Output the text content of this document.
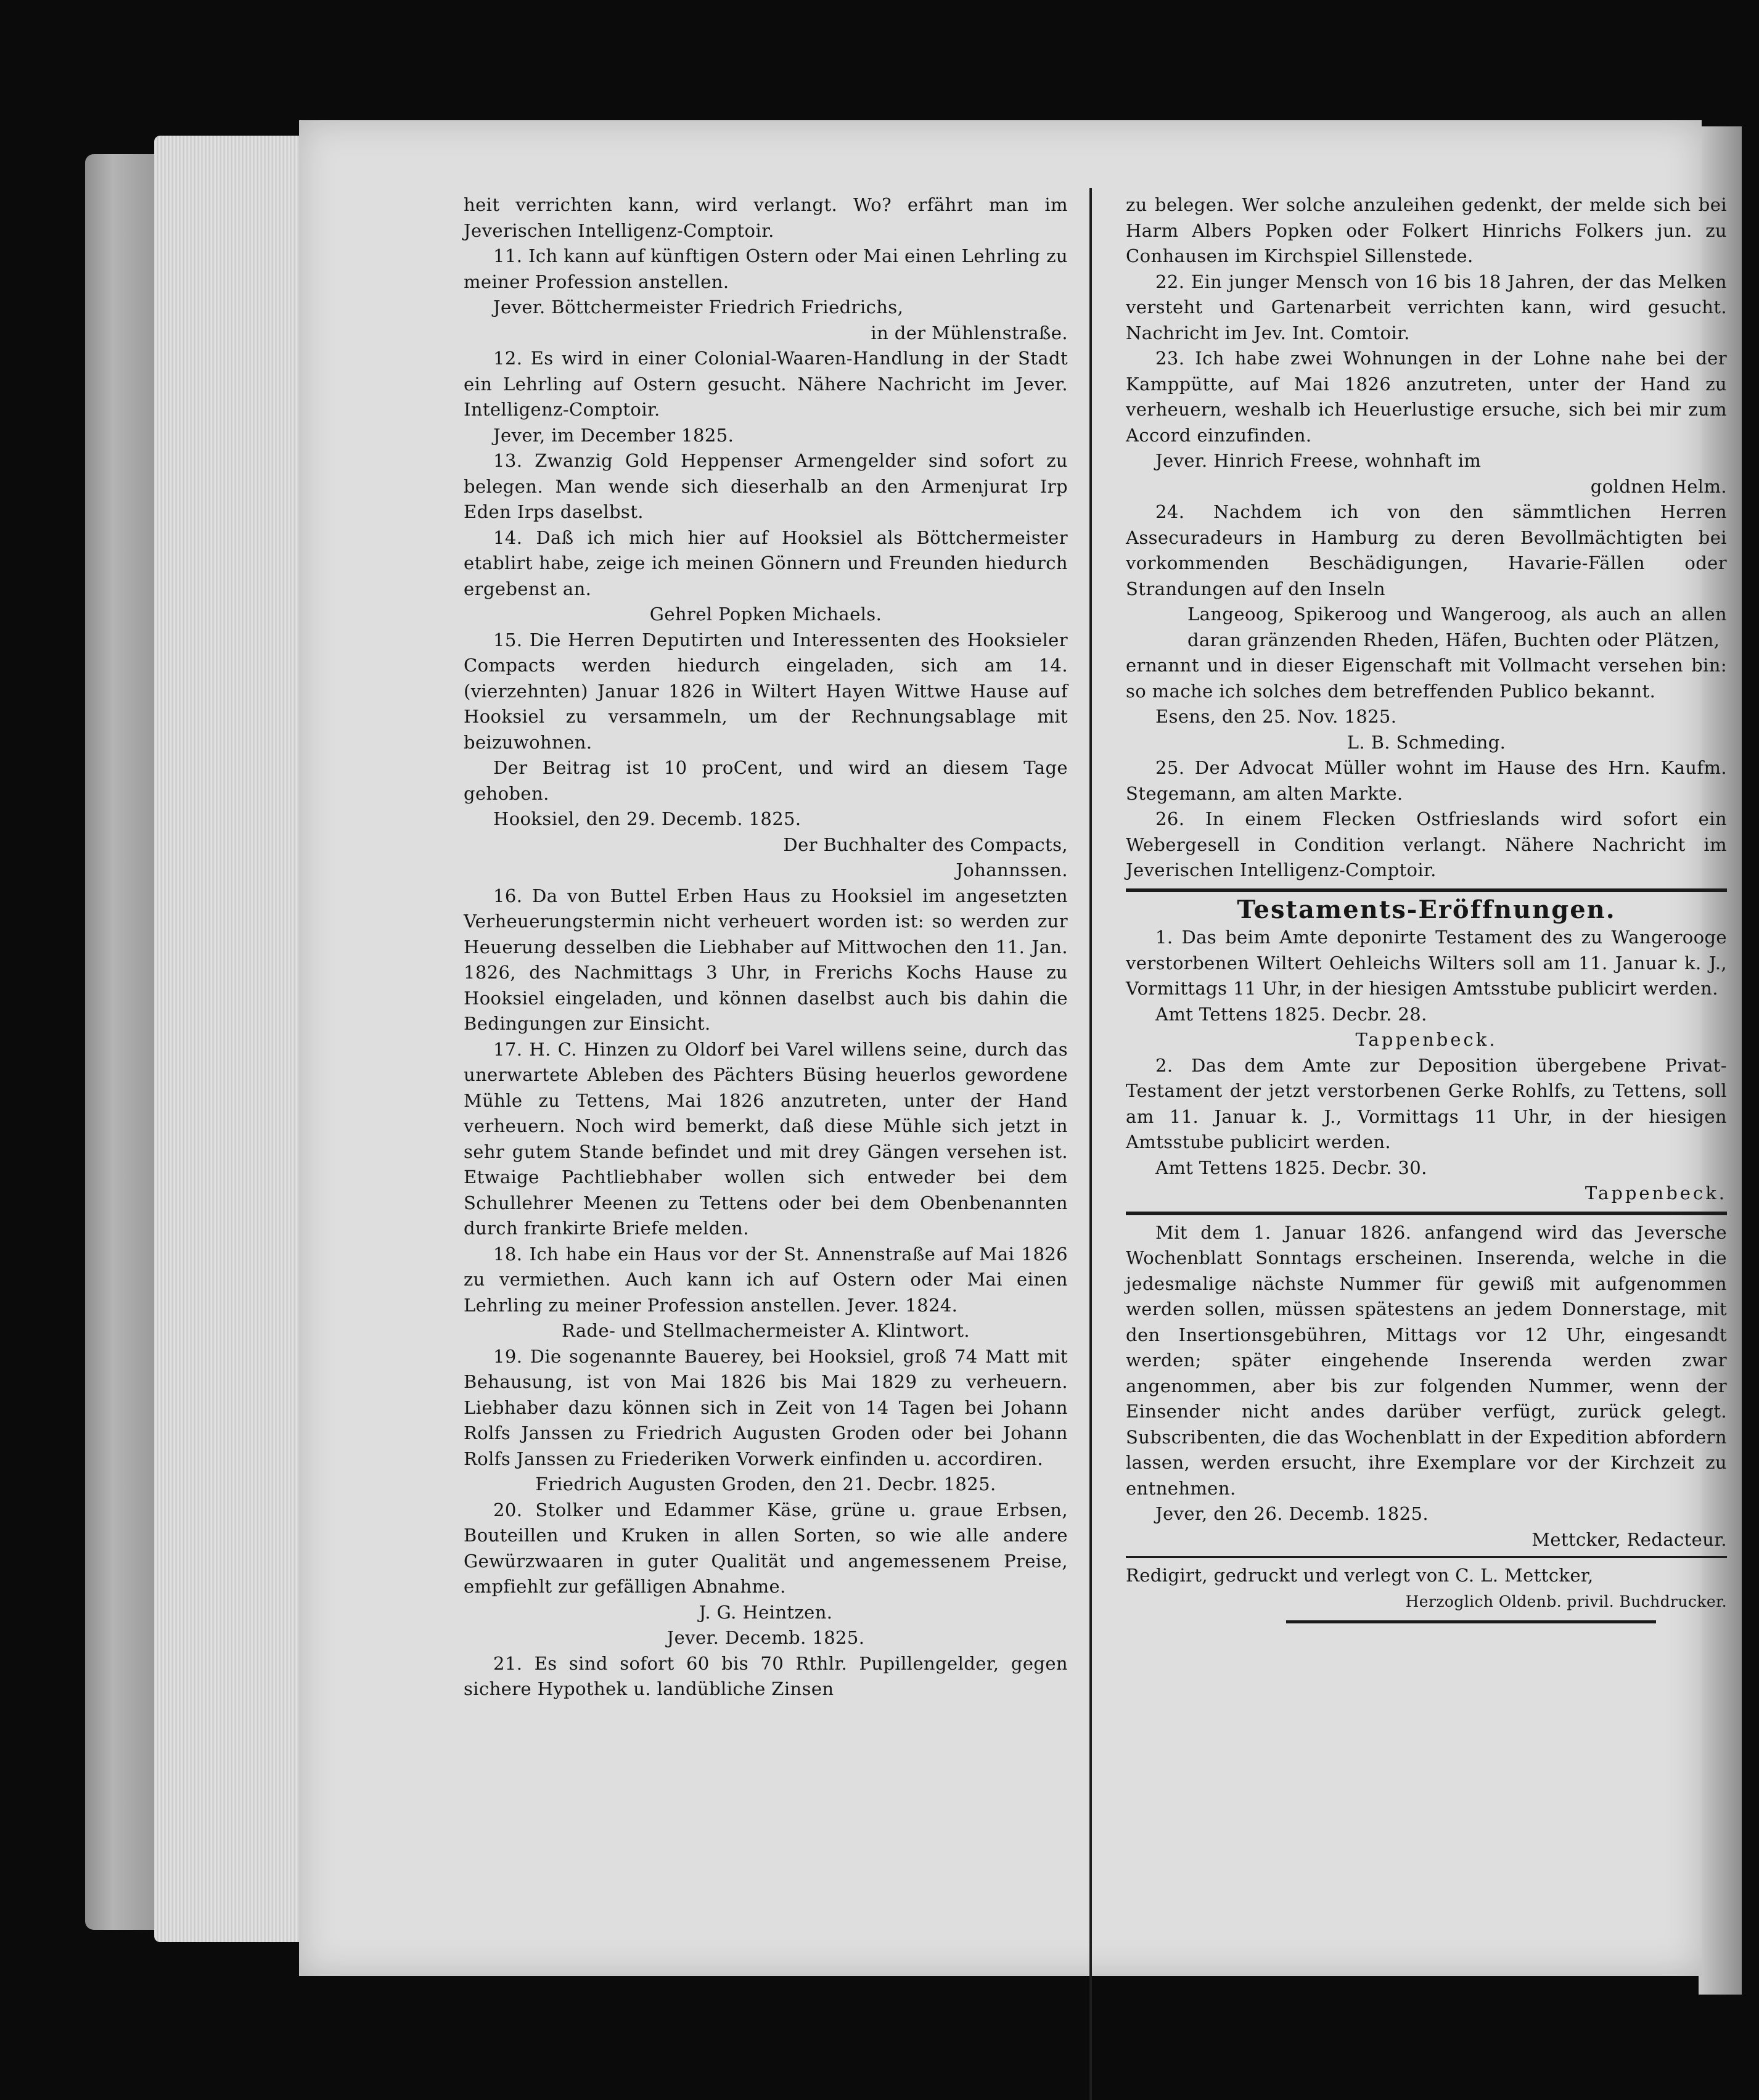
heit verrichten kann, wird verlangt. Wo? erfährt man im Jeverischen Intelligenz-Comptoir.

11. Ich kann auf künftigen Ostern oder Mai einen Lehrling zu meiner Profession anstellen.

Jever. Böttchermeister Friedrich Friedrichs,

in der Mühlenstraße.

12. Es wird in einer Colonial-Waaren-Handlung in der Stadt ein Lehrling auf Ostern gesucht. Nähere Nachricht im Jever. Intelligenz-Comptoir.

Jever, im December 1825.

13. Zwanzig Gold Heppenser Armengelder sind sofort zu belegen. Man wende sich dieserhalb an den Armenjurat Irp Eden Irps daselbst.

14. Daß ich mich hier auf Hooksiel als Böttchermeister etablirt habe, zeige ich meinen Gönnern und Freunden hiedurch ergebenst an.

Gehrel Popken Michaels.

15. Die Herren Deputirten und Interessenten des Hooksieler Compacts werden hiedurch eingeladen, sich am 14. (vierzehnten) Januar 1826 in Wiltert Hayen Wittwe Hause auf Hooksiel zu versammeln, um der Rechnungsablage mit beizuwohnen.

Der Beitrag ist 10 proCent, und wird an diesem Tage gehoben.

Hooksiel, den 29. Decemb. 1825.

Der Buchhalter des Compacts,

Johannssen.

16. Da von Buttel Erben Haus zu Hooksiel im angesetzten Verheuerungstermin nicht verheuert worden ist: so werden zur Heuerung desselben die Liebhaber auf Mittwochen den 11. Jan. 1826, des Nachmittags 3 Uhr, in Frerichs Kochs Hause zu Hooksiel eingeladen, und können daselbst auch bis dahin die Bedingungen zur Einsicht.

17. H. C. Hinzen zu Oldorf bei Varel willens seine, durch das unerwartete Ableben des Pächters Büsing heuerlos gewordene Mühle zu Tettens, Mai 1826 anzutreten, unter der Hand verheuern. Noch wird bemerkt, daß diese Mühle sich jetzt in sehr gutem Stande befindet und mit drey Gängen versehen ist. Etwaige Pachtliebhaber wollen sich entweder bei dem Schullehrer Meenen zu Tettens oder bei dem Obenbenannten durch frankirte Briefe melden.

18. Ich habe ein Haus vor der St. Annenstraße auf Mai 1826 zu vermiethen. Auch kann ich auf Ostern oder Mai einen Lehrling zu meiner Profession anstellen. Jever. 1824.

Rade- und Stellmachermeister A. Klintwort.

19. Die sogenannte Bauerey, bei Hooksiel, groß 74 Matt mit Behausung, ist von Mai 1826 bis Mai 1829 zu verheuern. Liebhaber dazu können sich in Zeit von 14 Tagen bei Johann Rolfs Janssen zu Friedrich Augusten Groden oder bei Johann Rolfs Janssen zu Friederiken Vorwerk einfinden u. accordiren.

Friedrich Augusten Groden, den 21. Decbr. 1825.

20. Stolker und Edammer Käse, grüne u. graue Erbsen, Bouteillen und Kruken in allen Sorten, so wie alle andere Gewürzwaaren in guter Qualität und angemessenem Preise, empfiehlt zur gefälligen Abnahme.

J. G. Heintzen.

Jever. Decemb. 1825.

21. Es sind sofort 60 bis 70 Rthlr. Pupillengelder, gegen sichere Hypothek u. landübliche Zinsen

zu belegen. Wer solche anzuleihen gedenkt, der melde sich bei Harm Albers Popken oder Folkert Hinrichs Folkers jun. zu Conhausen im Kirchspiel Sillenstede.

22. Ein junger Mensch von 16 bis 18 Jahren, der das Melken versteht und Gartenarbeit verrichten kann, wird gesucht. Nachricht im Jev. Int. Comtoir.

23. Ich habe zwei Wohnungen in der Lohne nahe bei der Kamppütte, auf Mai 1826 anzutreten, unter der Hand zu verheuern, weshalb ich Heuerlustige ersuche, sich bei mir zum Accord einzufinden.

Jever. Hinrich Freese, wohnhaft im

goldnen Helm.

24. Nachdem ich von den sämmtlichen Herren Assecuradeurs in Hamburg zu deren Bevollmächtigten bei vorkommenden Beschädigungen, Havarie-Fällen oder Strandungen auf den Inseln

Langeoog, Spikeroog und Wangeroog, als auch an allen daran gränzenden Rheden, Häfen, Buchten oder Plätzen,

ernannt und in dieser Eigenschaft mit Vollmacht versehen bin: so mache ich solches dem betreffenden Publico bekannt.

Esens, den 25. Nov. 1825.

L. B. Schmeding.

25. Der Advocat Müller wohnt im Hause des Hrn. Kaufm. Stegemann, am alten Markte.

26. In einem Flecken Ostfrieslands wird sofort ein Webergesell in Condition verlangt. Nähere Nachricht im Jeverischen Intelligenz-Comptoir.

Testaments-Eröffnungen.

1. Das beim Amte deponirte Testament des zu Wangerooge verstorbenen Wiltert Oehleichs Wilters soll am 11. Januar k. J., Vormittags 11 Uhr, in der hiesigen Amtsstube publicirt werden.

Amt Tettens 1825. Decbr. 28.

Tappenbeck.

2. Das dem Amte zur Deposition übergebene Privat-Testament der jetzt verstorbenen Gerke Rohlfs, zu Tettens, soll am 11. Januar k. J., Vormittags 11 Uhr, in der hiesigen Amtsstube publicirt werden.

Amt Tettens 1825. Decbr. 30.

Tappenbeck.

Mit dem 1. Januar 1826. anfangend wird das Jeversche Wochenblatt Sonntags erscheinen. Inserenda, welche in die jedesmalige nächste Nummer für gewiß mit aufgenommen werden sollen, müssen spätestens an jedem Donnerstage, mit den Insertionsgebühren, Mittags vor 12 Uhr, eingesandt werden; später eingehende Inserenda werden zwar angenommen, aber bis zur folgenden Nummer, wenn der Einsender nicht andes darüber verfügt, zurück gelegt. Subscribenten, die das Wochenblatt in der Expedition abfordern lassen, werden ersucht, ihre Exemplare vor der Kirchzeit zu entnehmen.

Jever, den 26. Decemb. 1825.

Mettcker, Redacteur.

Redigirt, gedruckt und verlegt von C. L. Mettcker,

Herzoglich Oldenb. privil. Buchdrucker.
